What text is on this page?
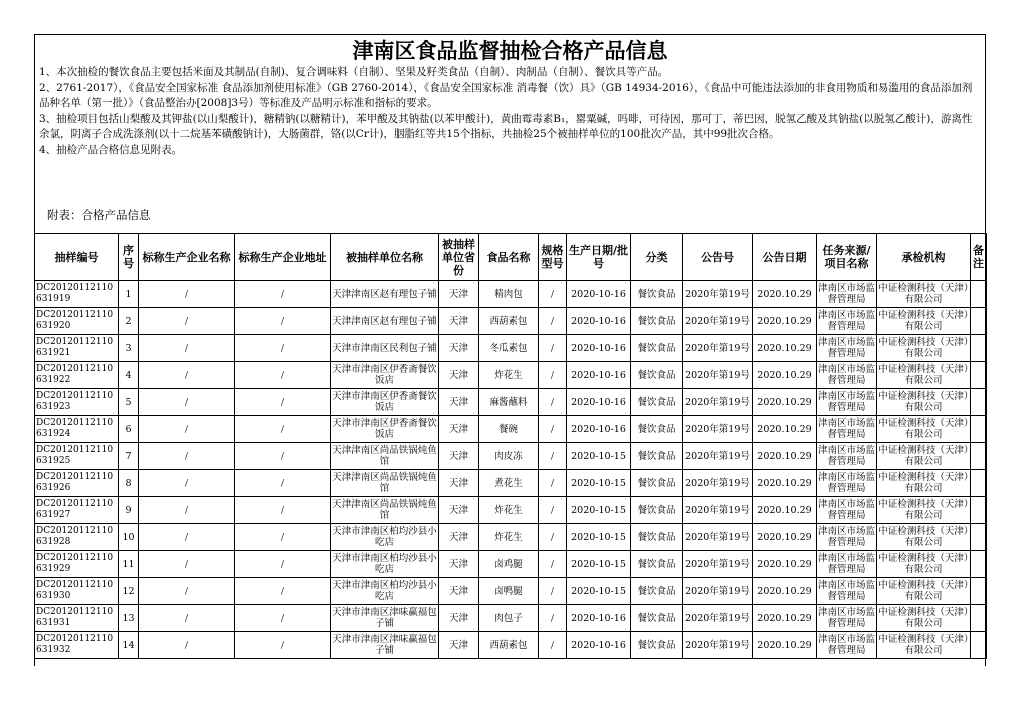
津南区食品监督抽检合格产品信息

1、本次抽检的餐饮食品主要包括米面及其制品(自制)、复合调味料（自制）、坚果及籽类食品（自制）、肉制品（自制）、餐饮具等产品。

2、2761-2017），《食品安全国家标准 食品添加剂使用标准》（GB 2760-2014），《食品安全国家标准 消毒餐（饮）具》（GB 14934-2016），《食品中可能违法添加的非食用物质和易滥用的食品添加剂品种名单（第一批）》（食品整治办[2008]3号）等标准及产品明示标准和指标的要求。

3、抽检项目包括山梨酸及其钾盐(以山梨酸计)，糖精钠(以糖精计)，苯甲酸及其钠盐(以苯甲酸计)，黄曲霉毒素B₁，罂粟碱，吗啡，可待因，那可丁，蒂巴因，脱氢乙酸及其钠盐(以脱氢乙酸计)，游离性余氯，阴离子合成洗涤剂(以十二烷基苯磺酸钠计)，大肠菌群，铬(以Cr计)，胭脂红等共15个指标，共抽检25个被抽样单位的100批次产品，其中99批次合格。

4、抽检产品合格信息见附表。

附表：合格产品信息
抽样编号	序号	标称生产企业名称	标称生产企业地址	被抽样单位名称	被抽样单位省份	食品名称	规格型号	生产日期/批号	分类	公告号	公告日期	任务来源/项目名称	承检机构	备注
DC20120112110631919	1	/	/	天津津南区赵有理包子铺	天津	精肉包	/	2020-10-16	餐饮食品	2020年第19号	2020.10.29	津南区市场监督管理局	中证检测科技（天津）有限公司	
DC20120112110631920	2	/	/	天津津南区赵有理包子铺	天津	西葫素包	/	2020-10-16	餐饮食品	2020年第19号	2020.10.29	津南区市场监督管理局	中证检测科技（天津）有限公司	
DC20120112110631921	3	/	/	天津市津南区民利包子铺	天津	冬瓜素包	/	2020-10-16	餐饮食品	2020年第19号	2020.10.29	津南区市场监督管理局	中证检测科技（天津）有限公司	
DC20120112110631922	4	/	/	天津市津南区伊香斋餐饮饭店	天津	炸花生	/	2020-10-16	餐饮食品	2020年第19号	2020.10.29	津南区市场监督管理局	中证检测科技（天津）有限公司	
DC20120112110631923	5	/	/	天津市津南区伊香斋餐饮饭店	天津	麻酱蘸料	/	2020-10-16	餐饮食品	2020年第19号	2020.10.29	津南区市场监督管理局	中证检测科技（天津）有限公司	
DC20120112110631924	6	/	/	天津市津南区伊香斋餐饮饭店	天津	餐碗	/	2020-10-16	餐饮食品	2020年第19号	2020.10.29	津南区市场监督管理局	中证检测科技（天津）有限公司	
DC20120112110631925	7	/	/	天津津南区尚品铁锅炖鱼馆	天津	肉皮冻	/	2020-10-15	餐饮食品	2020年第19号	2020.10.29	津南区市场监督管理局	中证检测科技（天津）有限公司	
DC20120112110631926	8	/	/	天津津南区尚品铁锅炖鱼馆	天津	煮花生	/	2020-10-15	餐饮食品	2020年第19号	2020.10.29	津南区市场监督管理局	中证检测科技（天津）有限公司	
DC20120112110631927	9	/	/	天津津南区尚品铁锅炖鱼馆	天津	炸花生	/	2020-10-15	餐饮食品	2020年第19号	2020.10.29	津南区市场监督管理局	中证检测科技（天津）有限公司	
DC20120112110631928	10	/	/	天津市津南区柏均沙县小吃店	天津	炸花生	/	2020-10-15	餐饮食品	2020年第19号	2020.10.29	津南区市场监督管理局	中证检测科技（天津）有限公司	
DC20120112110631929	11	/	/	天津市津南区柏均沙县小吃店	天津	卤鸡腿	/	2020-10-15	餐饮食品	2020年第19号	2020.10.29	津南区市场监督管理局	中证检测科技（天津）有限公司	
DC20120112110631930	12	/	/	天津市津南区柏均沙县小吃店	天津	卤鸭腿	/	2020-10-15	餐饮食品	2020年第19号	2020.10.29	津南区市场监督管理局	中证检测科技（天津）有限公司	
DC20120112110631931	13	/	/	天津市津南区津味赢福包子铺	天津	肉包子	/	2020-10-16	餐饮食品	2020年第19号	2020.10.29	津南区市场监督管理局	中证检测科技（天津）有限公司	
DC20120112110631932	14	/	/	天津市津南区津味赢福包子铺	天津	西葫素包	/	2020-10-16	餐饮食品	2020年第19号	2020.10.29	津南区市场监督管理局	中证检测科技（天津）有限公司	
